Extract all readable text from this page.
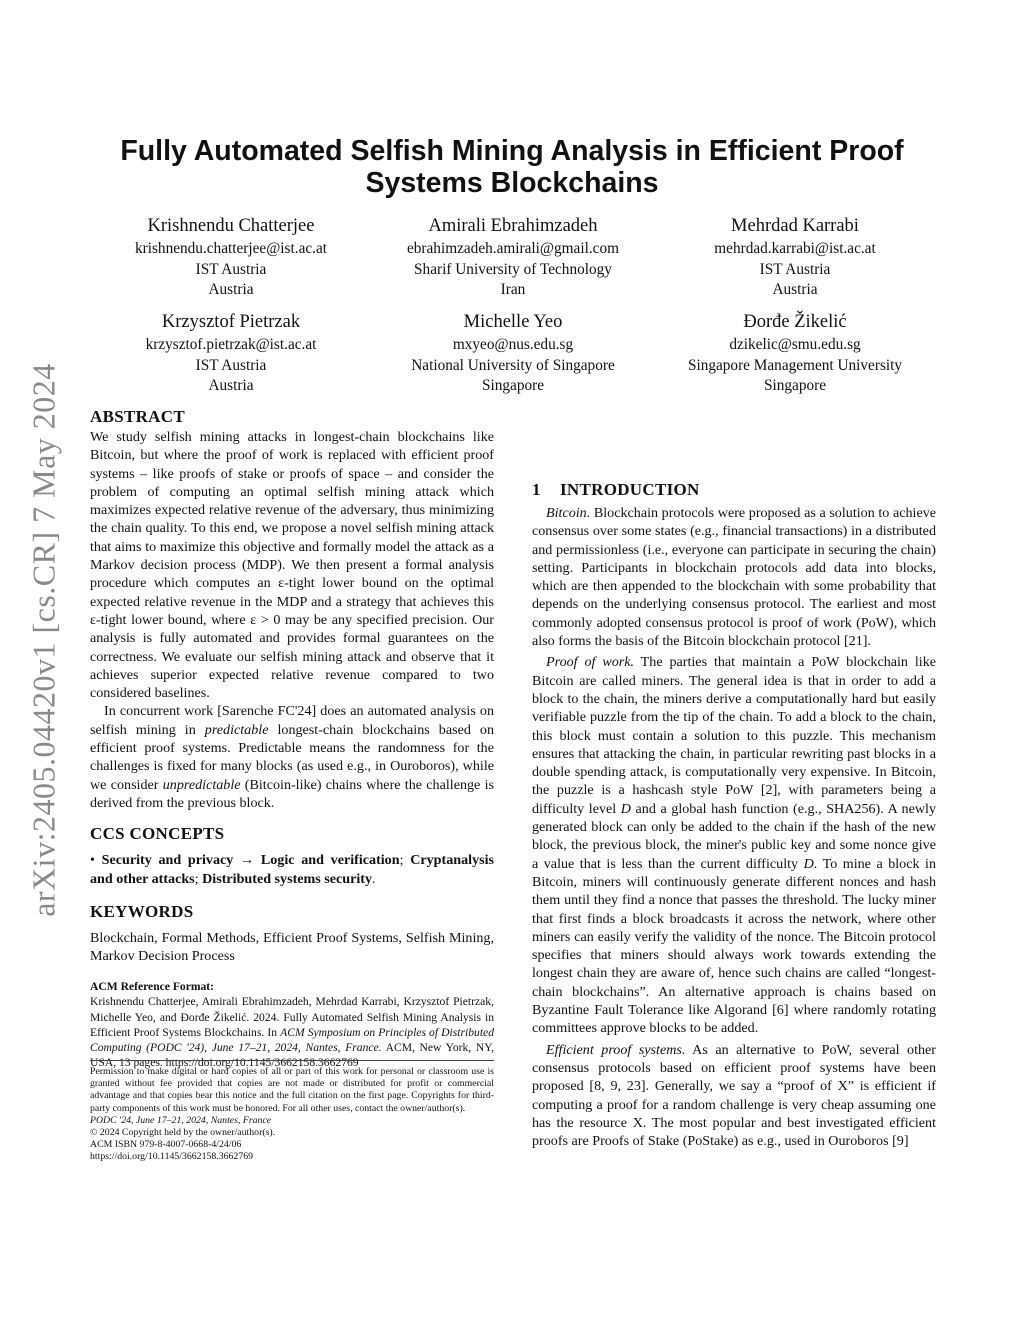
arXiv:2405.04420v1 [cs.CR] 7 May 2024
Fully Automated Selfish Mining Analysis in Efficient Proof Systems Blockchains
Krishnendu Chatterjee
krishnendu.chatterjee@ist.ac.at
IST Austria
Austria
Amirali Ebrahimzadeh
ebrahimzadeh.amirali@gmail.com
Sharif University of Technology
Iran
Mehrdad Karrabi
mehrdad.karrabi@ist.ac.at
IST Austria
Austria
Krzysztof Pietrzak
krzysztof.pietrzak@ist.ac.at
IST Austria
Austria
Michelle Yeo
mxyeo@nus.edu.sg
National University of Singapore
Singapore
Đorđe Žikelić
dzikelic@smu.edu.sg
Singapore Management University
Singapore
ABSTRACT

We study selfish mining attacks in longest-chain blockchains like Bitcoin, but where the proof of work is replaced with efficient proof systems – like proofs of stake or proofs of space – and consider the problem of computing an optimal selfish mining attack which maximizes expected relative revenue of the adversary, thus minimizing the chain quality. To this end, we propose a novel selfish mining attack that aims to maximize this objective and formally model the attack as a Markov decision process (MDP). We then present a formal analysis procedure which computes an ε-tight lower bound on the optimal expected relative revenue in the MDP and a strategy that achieves this ε-tight lower bound, where ε > 0 may be any specified precision. Our analysis is fully automated and provides formal guarantees on the correctness. We evaluate our selfish mining attack and observe that it achieves superior expected relative revenue compared to two considered baselines.

In concurrent work [Sarenche FC'24] does an automated analysis on selfish mining in predictable longest-chain blockchains based on efficient proof systems. Predictable means the randomness for the challenges is fixed for many blocks (as used e.g., in Ouroboros), while we consider unpredictable (Bitcoin-like) chains where the challenge is derived from the previous block.

CCS CONCEPTS
• Security and privacy → Logic and verification; Cryptanalysis and other attacks; Distributed systems security.
KEYWORDS

Blockchain, Formal Methods, Efficient Proof Systems, Selfish Mining, Markov Decision Process

ACM Reference Format:

Krishnendu Chatterjee, Amirali Ebrahimzadeh, Mehrdad Karrabi, Krzysztof Pietrzak, Michelle Yeo, and Đorđe Žikelić. 2024. Fully Automated Selfish Mining Analysis in Efficient Proof Systems Blockchains. In ACM Symposium on Principles of Distributed Computing (PODC '24), June 17–21, 2024, Nantes, France. ACM, New York, NY, USA, 13 pages. https://doi.org/10.1145/3662158.3662769

Permission to make digital or hard copies of all or part of this work for personal or classroom use is granted without fee provided that copies are not made or distributed for profit or commercial advantage and that copies bear this notice and the full citation on the first page. Copyrights for third-party components of this work must be honored. For all other uses, contact the owner/author(s).
PODC '24, June 17–21, 2024, Nantes, France
© 2024 Copyright held by the owner/author(s).
ACM ISBN 979-8-4007-0668-4/24/06
https://doi.org/10.1145/3662158.3662769
1 INTRODUCTION

Bitcoin. Blockchain protocols were proposed as a solution to achieve consensus over some states (e.g., financial transactions) in a distributed and permissionless (i.e., everyone can participate in securing the chain) setting. Participants in blockchain protocols add data into blocks, which are then appended to the blockchain with some probability that depends on the underlying consensus protocol. The earliest and most commonly adopted consensus protocol is proof of work (PoW), which also forms the basis of the Bitcoin blockchain protocol [21].

Proof of work. The parties that maintain a PoW blockchain like Bitcoin are called miners. The general idea is that in order to add a block to the chain, the miners derive a computationally hard but easily verifiable puzzle from the tip of the chain. To add a block to the chain, this block must contain a solution to this puzzle. This mechanism ensures that attacking the chain, in particular rewriting past blocks in a double spending attack, is computationally very expensive. In Bitcoin, the puzzle is a hashcash style PoW [2], with parameters being a difficulty level D and a global hash function (e.g., SHA256). A newly generated block can only be added to the chain if the hash of the new block, the previous block, the miner's public key and some nonce give a value that is less than the current difficulty D. To mine a block in Bitcoin, miners will continuously generate different nonces and hash them until they find a nonce that passes the threshold. The lucky miner that first finds a block broadcasts it across the network, where other miners can easily verify the validity of the nonce. The Bitcoin protocol specifies that miners should always work towards extending the longest chain they are aware of, hence such chains are called “longest-chain blockchains”. An alternative approach is chains based on Byzantine Fault Tolerance like Algorand [6] where randomly rotating committees approve blocks to be added.

Efficient proof systems. As an alternative to PoW, several other consensus protocols based on efficient proof systems have been proposed [8, 9, 23]. Generally, we say a “proof of X” is efficient if computing a proof for a random challenge is very cheap assuming one has the resource X. The most popular and best investigated efficient proofs are Proofs of Stake (PoStake) as e.g., used in Ouroboros [9]
